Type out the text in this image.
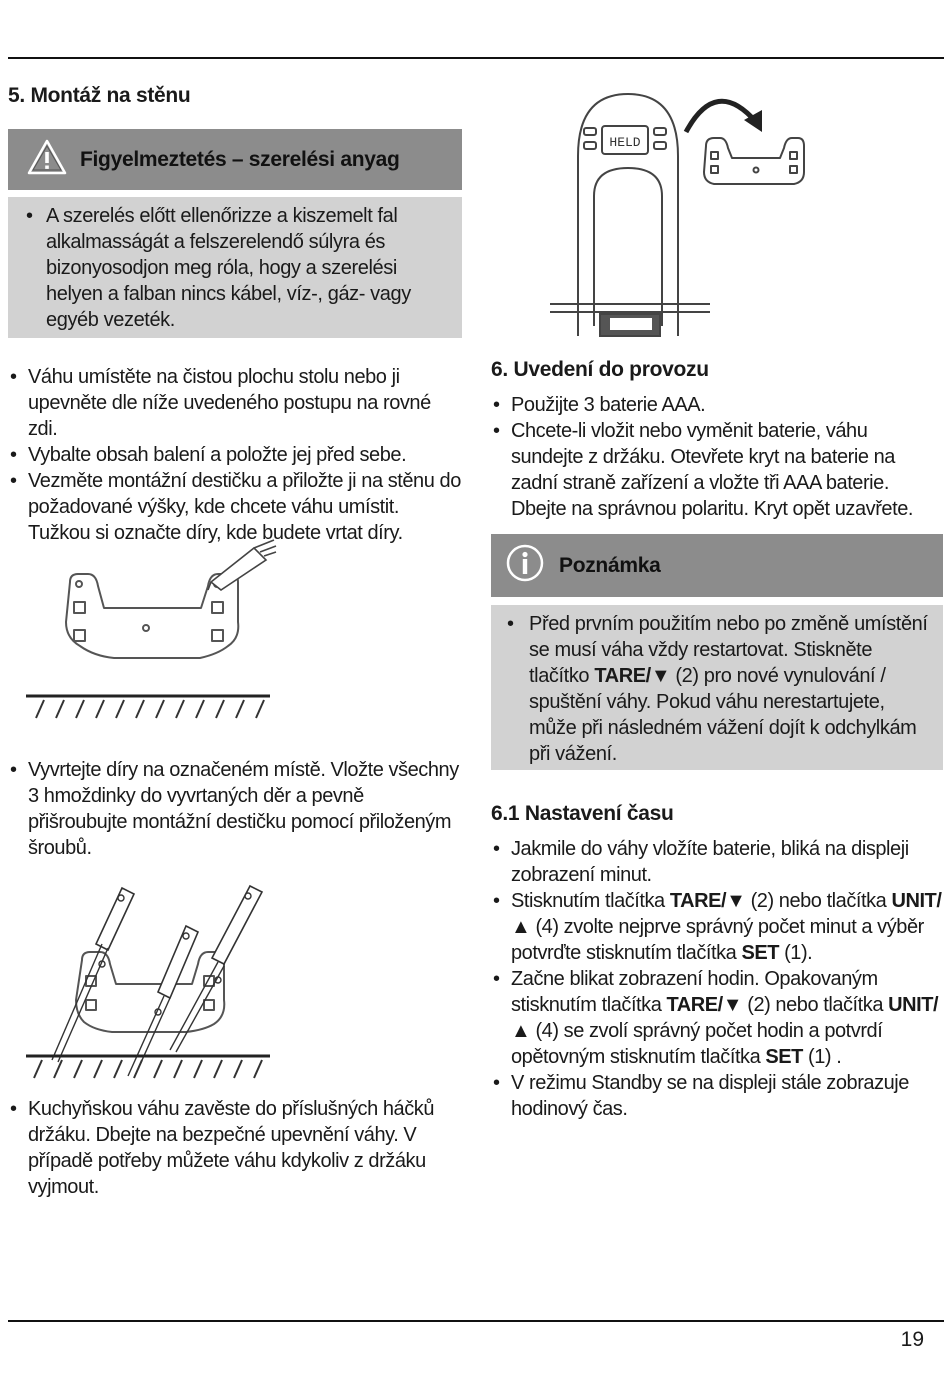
5. Montáž na stěnu
Figyelmeztetés – szerelési anyag
• A szerelés előtt ellenőrizze a kiszemelt fal
alkalmasságát a felszerelendő súlyra és
bizonyosodjon meg róla, hogy a szerelési
helyen a falban nincs kábel, víz-, gáz- vagy
egyéb vezeték.
• Váhu umístěte na čistou plochu stolu nebo ji upevněte dle níže uvedeného postupu na rovné zdi.
• Vybalte obsah balení a položte jej před sebe.
• Vezměte montážní destičku a přiložte ji na stěnu do požadované výšky, kde chcete váhu umístit. Tužkou si označte díry, kde budete vrtat díry.
• Vyvrtejte díry na označeném místě. Vložte všechny 3 hmoždinky do vyvrtaných děr a pevně přišroubujte montážní destičku pomocí přiloženým šroubů.
• Kuchyňskou váhu zavěste do příslušných háčků držáku. Dbejte na bezpečné upevnění váhy. V případě potřeby můžete váhu kdykoliv z držáku vyjmout.
HELD
6. Uvedení do provozu
• Použijte 3 baterie AAA.
• Chcete-li vložit nebo vyměnit baterie, váhu sundejte z držáku. Otevřete kryt na baterie na zadní straně zařízení a vložte tři AAA baterie. Dbejte na správnou polaritu. Kryt opět uzavřete.
Poznámka
• Před prvním použitím nebo po změně umístění se musí váha vždy restartovat. Stiskněte tlačítko TARE/▼ (2) pro nové vynulování / spuštění váhy. Pokud váhu nerestartujete, může při následném vážení dojít k odchylkám při vážení.
6.1 Nastavení času
• Jakmile do váhy vložíte baterie, bliká na displeji zobrazení minut.
• Stisknutím tlačítka TARE/▼ (2) nebo tlačítka UNIT/▲ (4) zvolte nejprve správný počet minut a výběr potvrďte stisknutím tlačítka SET (1).
• Začne blikat zobrazení hodin. Opakovaným stisknutím tlačítka TARE/▼ (2) nebo tlačítka UNIT/▲ (4) se zvolí správný počet hodin a potvrdí opětovným stisknutím tlačítka SET (1) .
• V režimu Standby se na displeji stále zobrazuje hodinový čas.
19
